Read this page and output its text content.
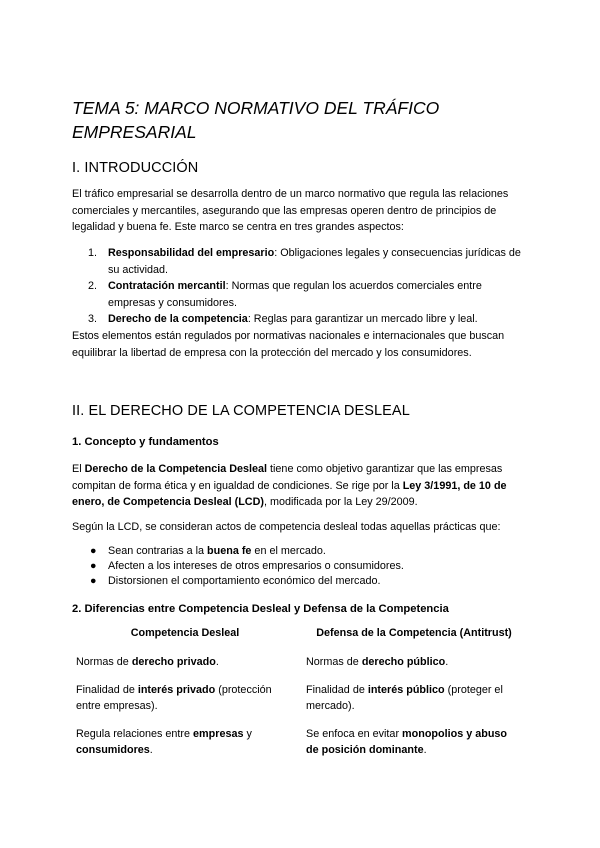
TEMA 5: MARCO NORMATIVO DEL TRÁFICO EMPRESARIAL
I. INTRODUCCIÓN

El tráfico empresarial se desarrolla dentro de un marco normativo que regula las relaciones comerciales y mercantiles, asegurando que las empresas operen dentro de principios de legalidad y buena fe. Este marco se centra en tres grandes aspectos:

1. Responsabilidad del empresario: Obligaciones legales y consecuencias jurídicas de su actividad.
2. Contratación mercantil: Normas que regulan los acuerdos comerciales entre empresas y consumidores.
3. Derecho de la competencia: Reglas para garantizar un mercado libre y leal.

Estos elementos están regulados por normativas nacionales e internacionales que buscan equilibrar la libertad de empresa con la protección del mercado y los consumidores.

II. EL DERECHO DE LA COMPETENCIA DESLEAL
1. Concepto y fundamentos

El Derecho de la Competencia Desleal tiene como objetivo garantizar que las empresas compitan de forma ética y en igualdad de condiciones. Se rige por la Ley 3/1991, de 10 de enero, de Competencia Desleal (LCD), modificada por la Ley 29/2009.

Según la LCD, se consideran actos de competencia desleal todas aquellas prácticas que:

● Sean contrarias a la buena fe en el mercado.
● Afecten a los intereses de otros empresarios o consumidores.
● Distorsionen el comportamiento económico del mercado.
2. Diferencias entre Competencia Desleal y Defensa de la Competencia
Competencia Desleal	Defensa de la Competencia (Antitrust)
Normas de derecho privado.	Normas de derecho público.
Finalidad de interés privado (protección entre empresas).	Finalidad de interés público (proteger el mercado).
Regula relaciones entre empresas y consumidores.	Se enfoca en evitar monopolios y abuso de posición dominante.
